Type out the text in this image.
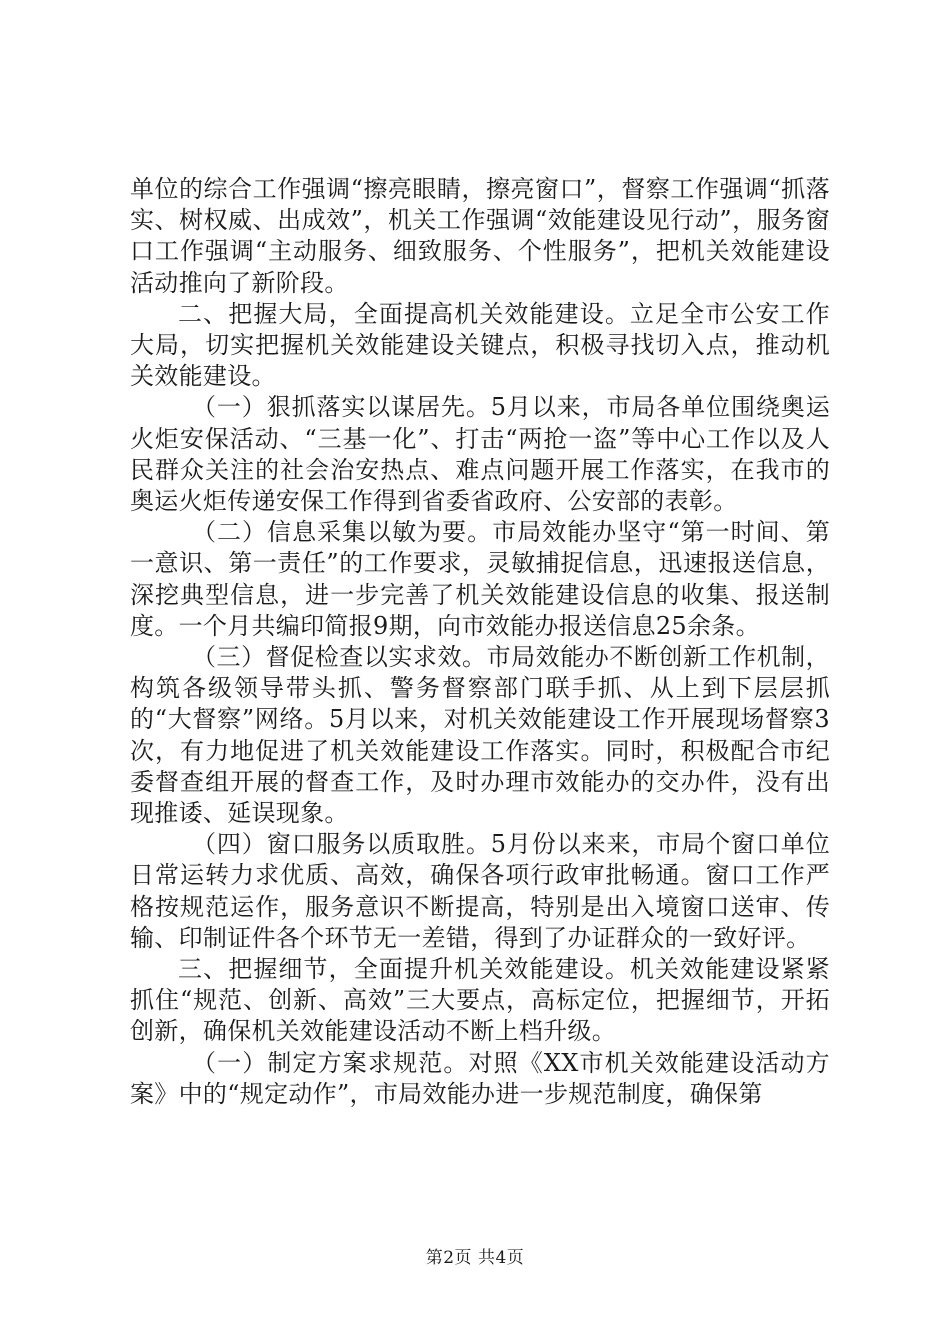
单位的综合工作强调“擦亮眼睛，擦亮窗口”，督察工作强调“抓落实、树权威、出成效”，机关工作强调“效能建设见行动”，服务窗口工作强调“主动服务、细致服务、个性服务”，把机关效能建设活动推向了新阶段。

二、把握大局，全面提高机关效能建设。立足全市公安工作大局，切实把握机关效能建设关键点，积极寻找切入点，推动机关效能建设。

（一）狠抓落实以谋居先。5月以来，市局各单位围绕奥运火炬安保活动、“三基一化”、打击“两抢一盗”等中心工作以及人民群众关注的社会治安热点、难点问题开展工作落实，在我市的奥运火炬传递安保工作得到省委省政府、公安部的表彰。

（二）信息采集以敏为要。市局效能办坚守“第一时间、第一意识、第一责任”的工作要求，灵敏捕捉信息，迅速报送信息，深挖典型信息，进一步完善了机关效能建设信息的收集、报送制度。一个月共编印简报9期，向市效能办报送信息25余条。

（三）督促检查以实求效。市局效能办不断创新工作机制，构筑各级领导带头抓、警务督察部门联手抓、从上到下层层抓的“大督察”网络。5月以来，对机关效能建设工作开展现场督察3次，有力地促进了机关效能建设工作落实。同时，积极配合市纪委督查组开展的督查工作，及时办理市效能办的交办件，没有出现推诿、延误现象。

（四）窗口服务以质取胜。5月份以来来，市局个窗口单位日常运转力求优质、高效，确保各项行政审批畅通。窗口工作严格按规范运作，服务意识不断提高，特别是出入境窗口送审、传输、印制证件各个环节无一差错，得到了办证群众的一致好评。

三、把握细节，全面提升机关效能建设。机关效能建设紧紧抓住“规范、创新、高效”三大要点，高标定位，把握细节，开拓创新，确保机关效能建设活动不断上档升级。

（一）制定方案求规范。对照《XX市机关效能建设活动方案》中的“规定动作”，市局效能办进一步规范制度，确保第

第2页 共4页
